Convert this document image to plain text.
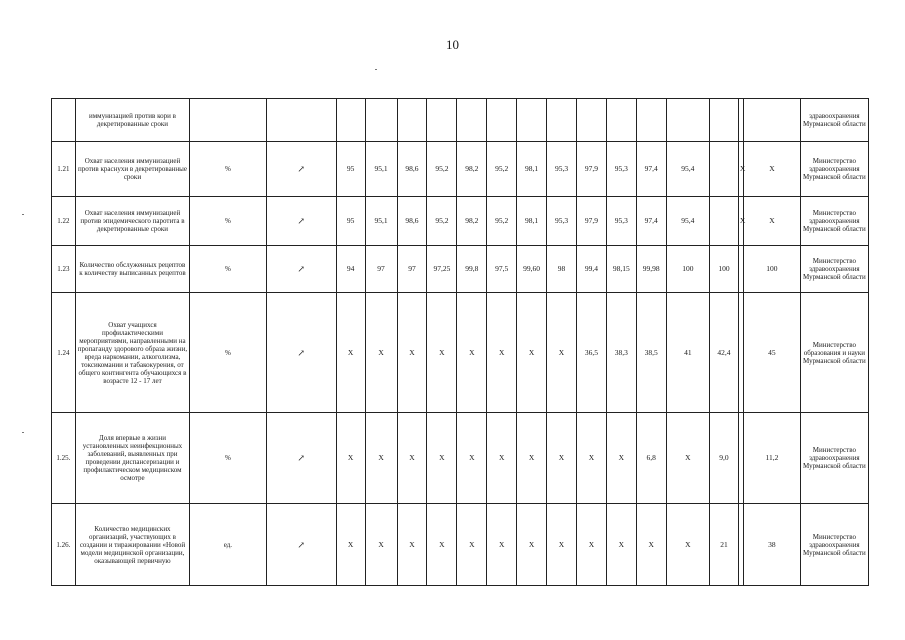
10
	иммунизацией против кори в декретированные сроки																		здравоохранения Мурманской области
1.21	Охват населения иммунизацией против краснухи в декретированные сроки	%	↗	95	95,1	98,6	95,2	98,2	95,2	98,1	95,3	97,9	95,3	97,4	95,4		X	X	Министерство здравоохранения Мурманской области
1.22	Охват населения иммунизацией против эпидемического паротита в декретированные сроки	%	↗	95	95,1	98,6	95,2	98,2	95,2	98,1	95,3	97,9	95,3	97,4	95,4		X	X	Министерство здравоохранения Мурманской области
1.23	Количество обслуженных рецептов к количеству выписанных рецептов	%	↗	94	97	97	97,25	99,8	97,5	99,60	98	99,4	98,15	99,98	100	100		100	Министерство здравоохранения Мурманской области
1.24	Охват учащихся профилактическими мероприятиями, направленными на пропаганду здорового образа жизни, вреда наркомании, алкоголизма, токсикомании и табакокурения, от общего контингента обучающихся в возрасте 12 - 17 лет	%	↗	X	X	X	X	X	X	X	X	36,5	38,3	38,5	41	42,4		45	Министерство образования и науки Мурманской области
1.25.	Доля впервые в жизни установленных неинфекционных заболеваний, выявленных при проведении диспансеризации и профилактическом медицинском осмотре	%	↗	X	X	X	X	X	X	X	X	X	X	6,8	X	9,0		11,2	Министерство здравоохранения Мурманской области
1.26.	Количество медицинских организаций, участвующих в создании и тиражировании «Новой модели медицинской организации, оказывающей первичную	ед.	↗	X	X	X	X	X	X	X	X	X	X	X	X	21		38	Министерство здравоохранения Мурманской области
